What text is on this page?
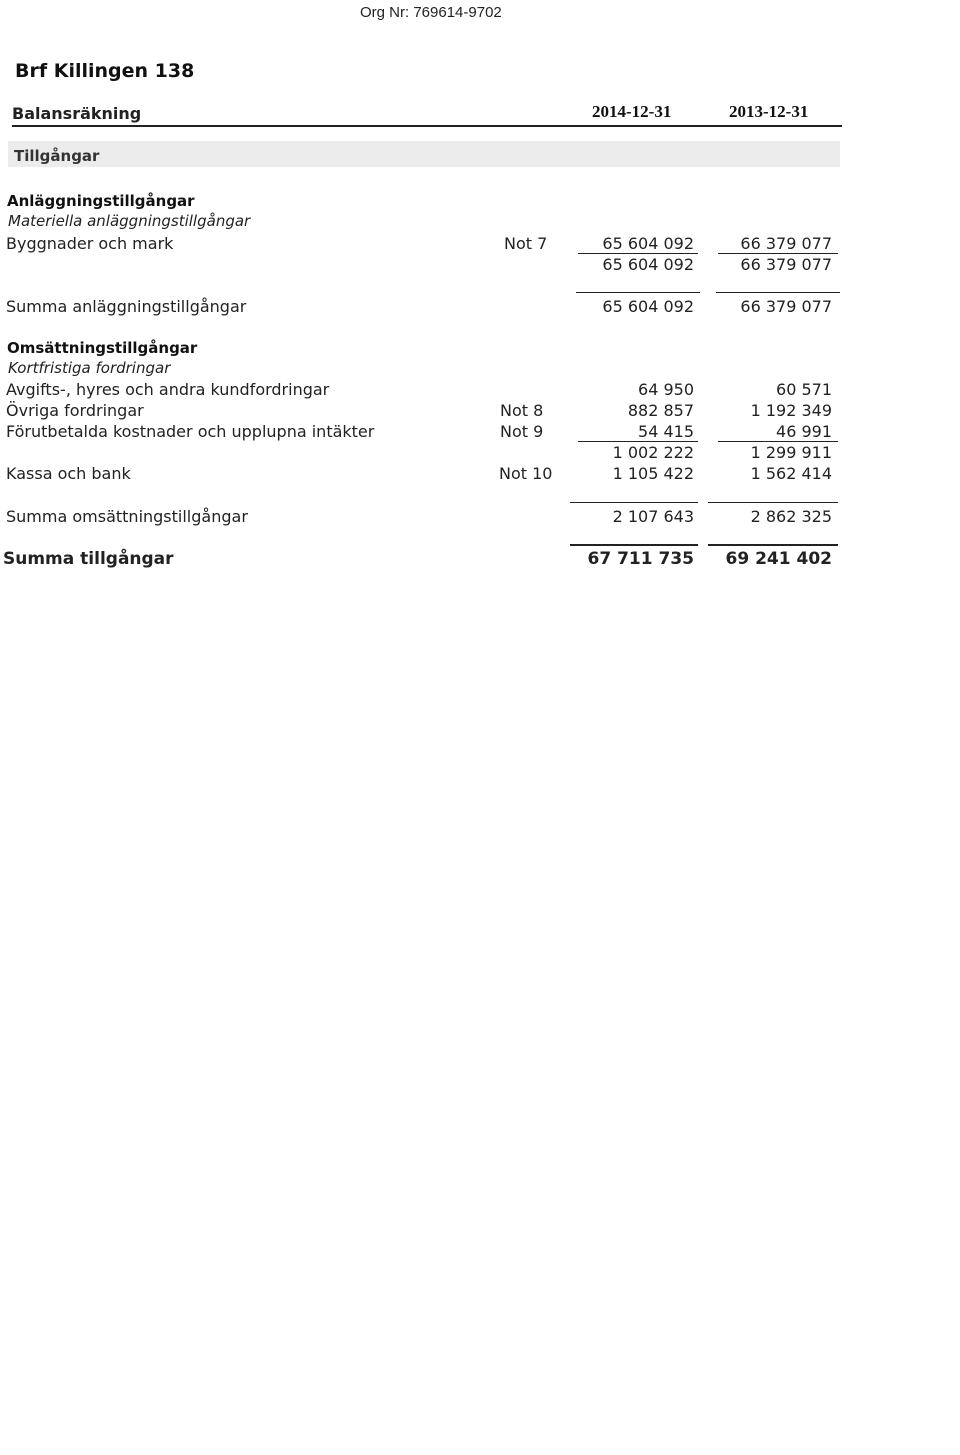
Org Nr: 769614-9702
Brf Killingen 138
Balansräkning	2014-12-31	2013-12-31
Tillgångar
Anläggningstillgångar
Materiella anläggningstillgångar
Byggnader och mark	Not 7	65 604 092	66 379 077
65 604 092	66 379 077
Summa anläggningstillgångar	65 604 092	66 379 077
Omsättningstillgångar
Kortfristiga fordringar
Avgifts-, hyres och andra kundfordringar	64 950	60 571
Övriga fordringar	Not 8	882 857	1 192 349
Förutbetalda kostnader och upplupna intäkter	Not 9	54 415	46 991
1 002 222	1 299 911
Kassa och bank	Not 10	1 105 422	1 562 414
Summa omsättningstillgångar	2 107 643	2 862 325
Summa tillgångar	67 711 735	69 241 402
